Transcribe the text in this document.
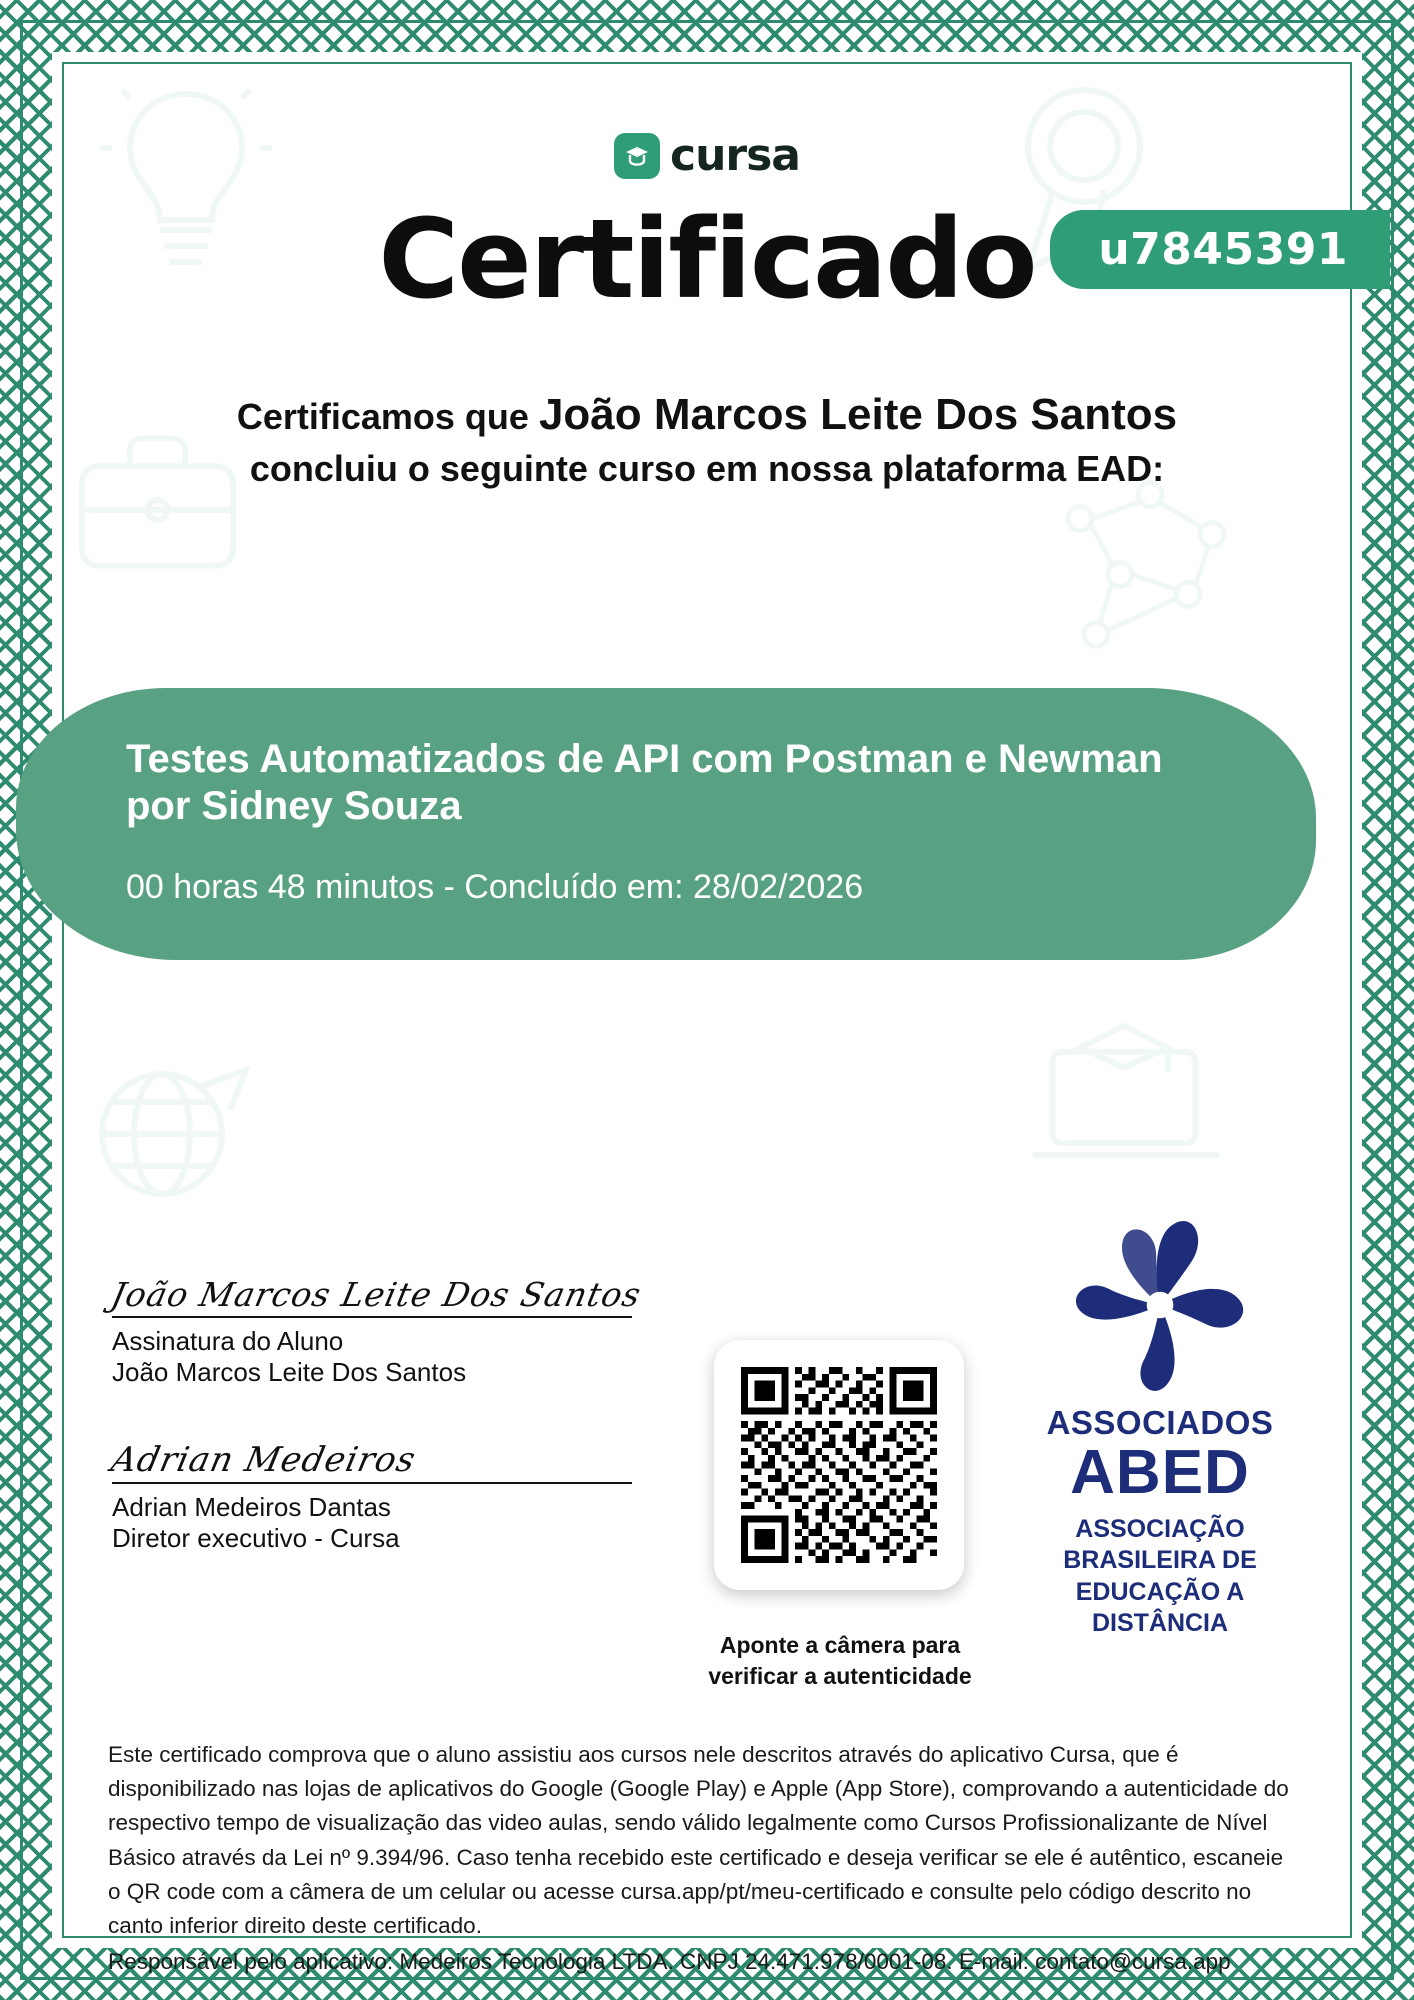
cursa
Certificado	u7845391
Certificamos que João Marcos Leite Dos Santos
concluiu o seguinte curso em nossa plataforma EAD:
Testes Automatizados de API com Postman e Newman por Sidney Souza
00 horas 48 minutos - Concluído em: 28/02/2026
João Marcos Leite Dos Santos
Assinatura do Aluno
João Marcos Leite Dos Santos
Adrian Medeiros
Adrian Medeiros Dantas
Diretor executivo - Cursa
Aponte a câmera para
verificar a autenticidade
ASSOCIADOS
ABED
ASSOCIAÇÃO
BRASILEIRA DE
EDUCAÇÃO A
DISTÂNCIA

Este certificado comprova que o aluno assistiu aos cursos nele descritos através do aplicativo Cursa, que é disponibilizado nas lojas de aplicativos do Google (Google Play) e Apple (App Store), comprovando a autenticidade do respectivo tempo de visualização das video aulas, sendo válido legalmente como Cursos Profissionalizante de Nível Básico através da Lei nº 9.394/96. Caso tenha recebido este certificado e deseja verificar se ele é autêntico, escaneie o QR code com a câmera de um celular ou acesse cursa.app/pt/meu-certificado e consulte pelo código descrito no canto inferior direito deste certificado.

Responsável pelo aplicativo: Medeiros Tecnologia LTDA. CNPJ 24.471.978/0001-08. E-mail: contato@cursa.app
